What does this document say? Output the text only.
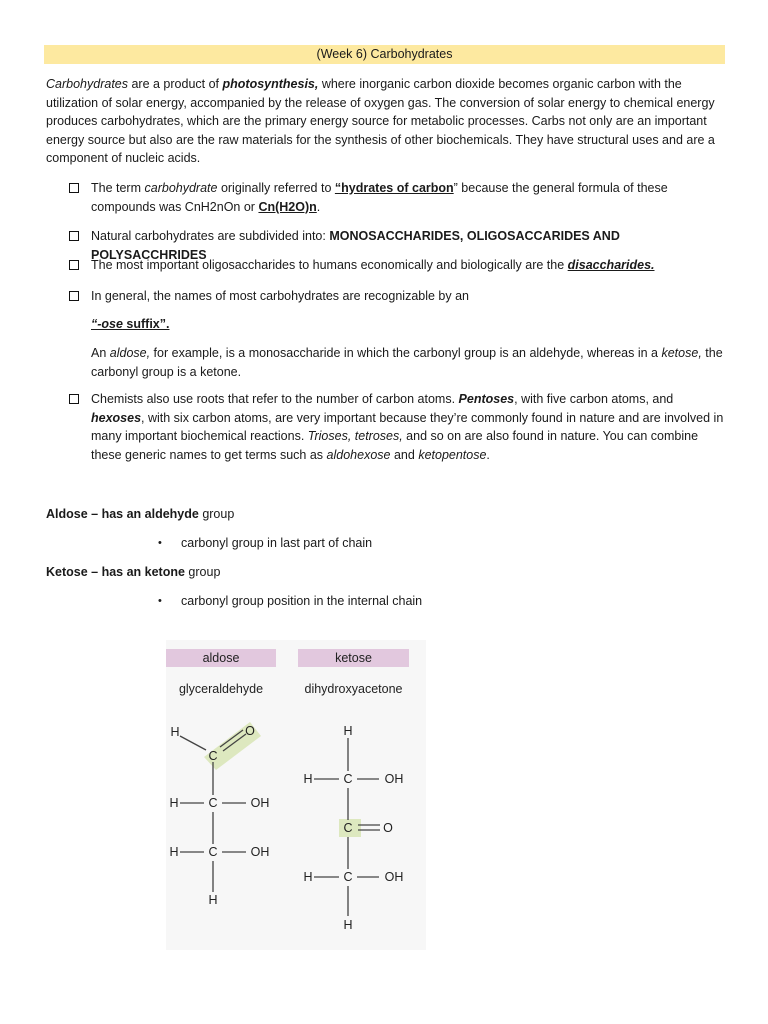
(Week 6) Carbohydrates
Carbohydrates are a product of photosynthesis, where inorganic carbon dioxide becomes organic carbon with the utilization of solar energy, accompanied by the release of oxygen gas. The conversion of solar energy to chemical energy produces carbohydrates, which are the primary energy source for metabolic processes. Carbs not only are an important energy source but also are the raw materials for the synthesis of other biochemicals. They have structural uses and are a component of nucleic acids.
The term carbohydrate originally referred to “hydrates of carbon” because the general formula of these compounds was CnH2nOn or Cn(H2O)n.
Natural carbohydrates are subdivided into: MONOSACCHARIDES, OLIGOSACCARIDES AND POLYSACCHRIDES
The most important oligosaccharides to humans economically and biologically are the disaccharides.
In general, the names of most carbohydrates are recognizable by an
“-ose suffix”.
An aldose, for example, is a monosaccharide in which the carbonyl group is an aldehyde, whereas in a ketose, the carbonyl group is a ketone.
Chemists also use roots that refer to the number of carbon atoms. Pentoses, with five carbon atoms, and hexoses, with six carbon atoms, are very important because they’re commonly found in nature and are involved in many important biochemical reactions. Trioses, tetroses, and so on are also found in nature. You can combine these generic names to get terms such as aldohexose and ketopentose.
Aldose – has an aldehyde group
• carbonyl group in last part of chain
Ketose – has an ketone group
• carbonyl group position in the internal chain
aldose	ketose
glyceraldehyde	dihydroxyacetone
H	O
C
H C	OH
H C	OH
H
H
H C	OH
C O
H C	OH
H
